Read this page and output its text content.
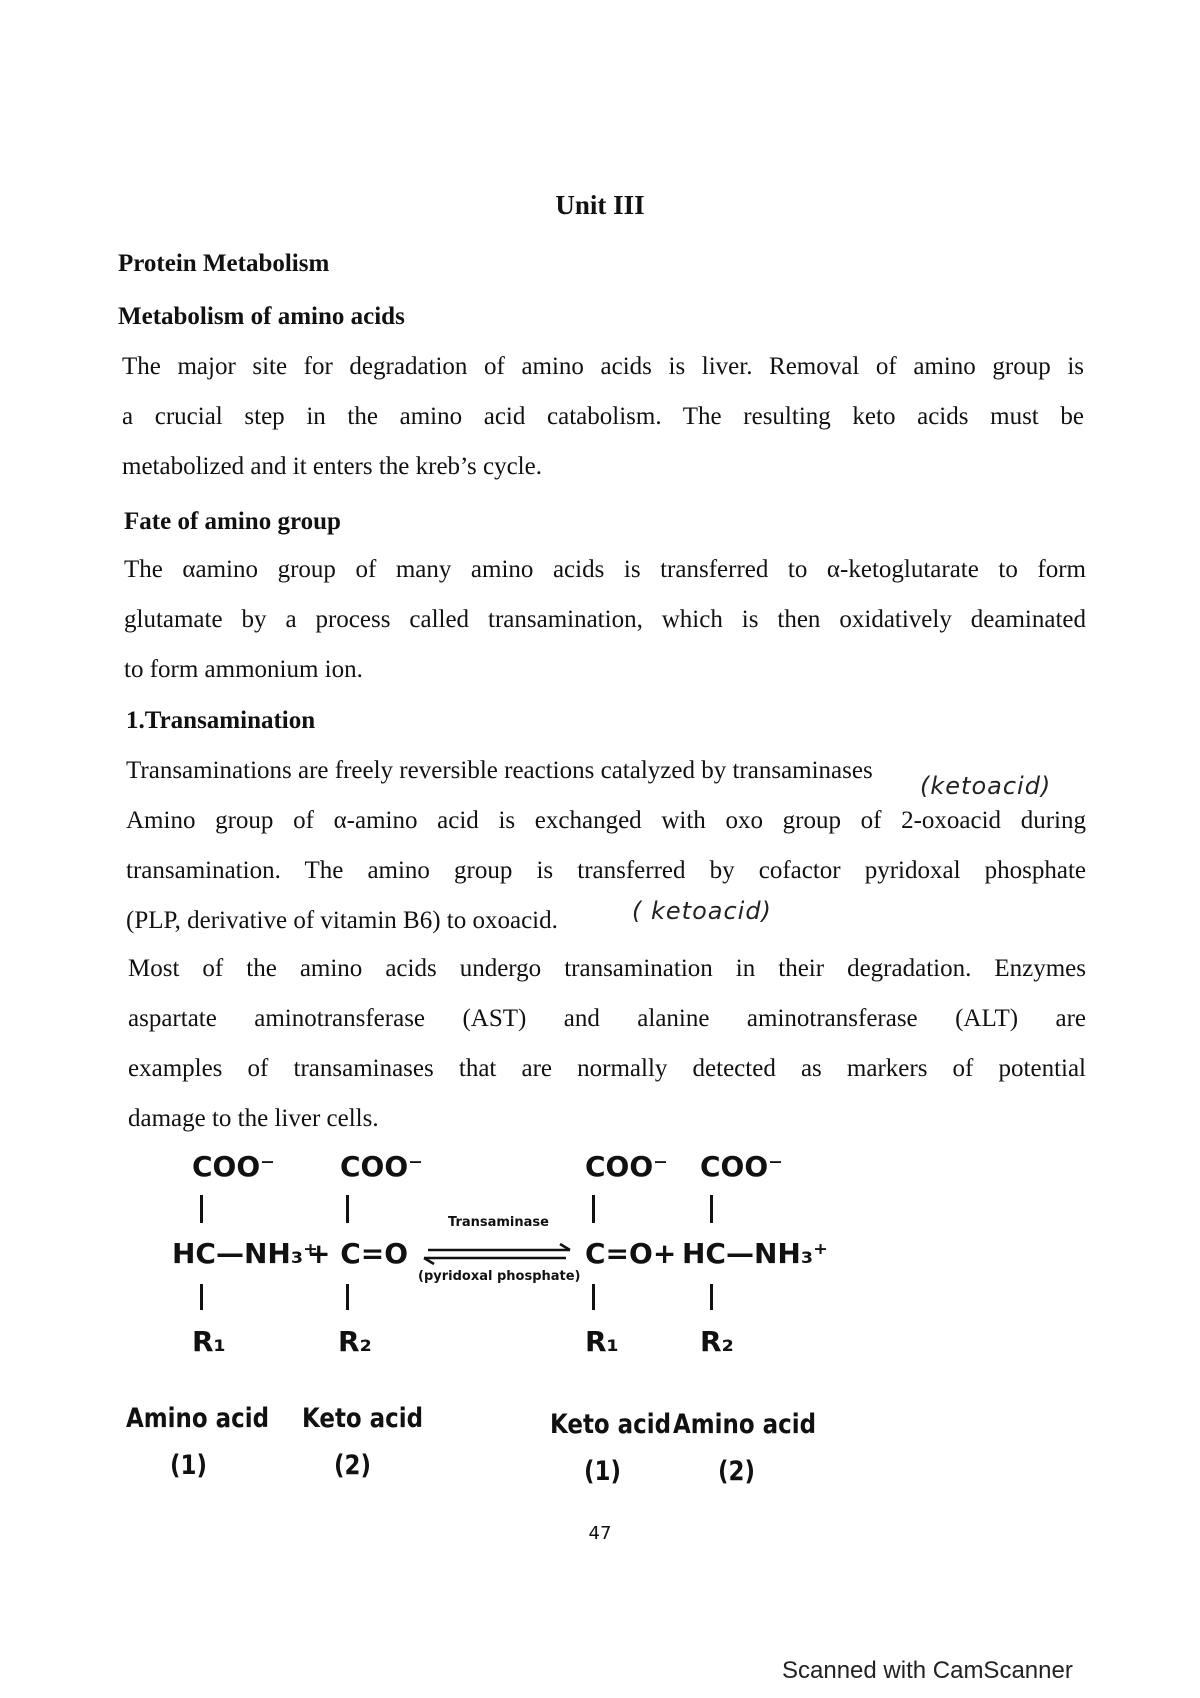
Unit III
Protein Metabolism
Metabolism of amino acids
The major site for degradation of amino acids is liver. Removal of amino group is
a crucial step in the amino acid catabolism. The resulting keto acids must be
metabolized and it enters the kreb’s cycle.
Fate of amino group
The αamino group of many amino acids is transferred to α-ketoglutarate to form
glutamate by a process called transamination, which is then oxidatively deaminated
to form ammonium ion.
1.Transamination
Transaminations are freely reversible reactions catalyzed by transaminases
Amino group of α-amino acid is exchanged with oxo group of 2-oxoacid during
transamination. The amino group is transferred by cofactor pyridoxal phosphate
(PLP, derivative of vitamin B6) to oxoacid.
(ketoacid)
( ketoacid)
Most of the amino acids undergo transamination in their degradation. Enzymes
aspartate aminotransferase (AST) and alanine aminotransferase (ALT) are
examples of transaminases that are normally detected as markers of potential
damage to the liver cells.
COO⁻
HC—NH₃⁺
R₁
COO⁻
+ C=O
R₂
Transaminase
(pyridoxal phosphate)
COO⁻
C=O+
R₁
COO⁻
HC—NH₃⁺
R₂
Amino acid
(1)
Keto acid
(2)
Keto acid
(1)
Amino acid
(2)
47
Scanned with CamScanner
